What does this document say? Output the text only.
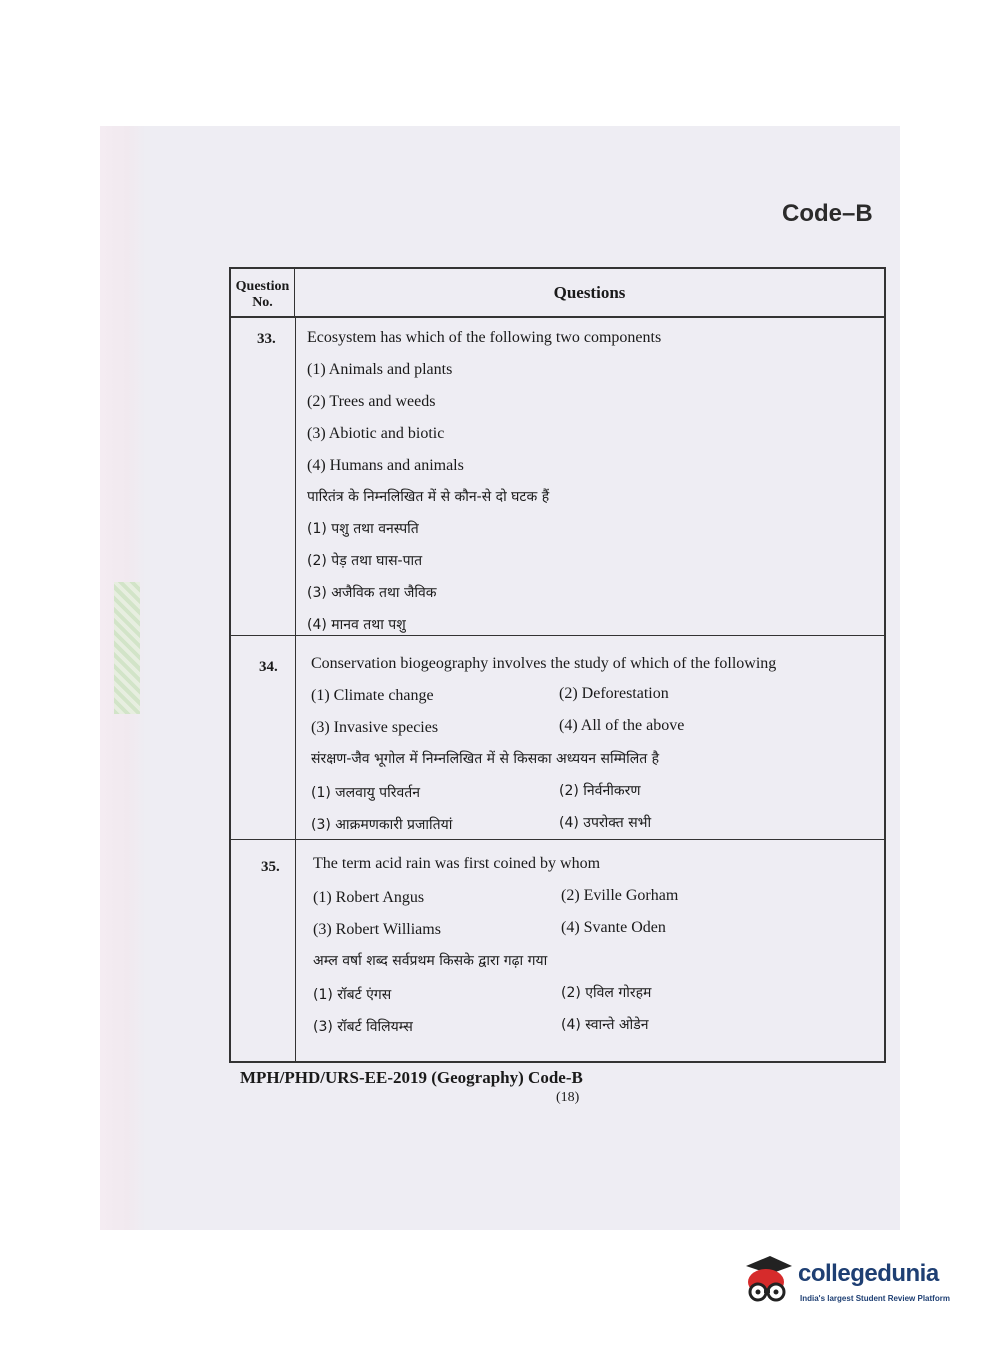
Code–B
Question No.
Questions
33. Ecosystem has which of the following two components
(1) Animals and plants
(2) Trees and weeds
(3) Abiotic and biotic
(4) Humans and animals
पारितंत्र के निम्नलिखित में से कौन-से दो घटक हैं
(1) पशु तथा वनस्पति
(2) पेड़ तथा घास-पात
(3) अजैविक तथा जैविक
(4) मानव तथा पशु
34. Conservation biogeography involves the study of which of the following
(1) Climate change	(2) Deforestation
(3) Invasive species	(4) All of the above
संरक्षण-जैव भूगोल में निम्नलिखित में से किसका अध्ययन सम्मिलित है
(1) जलवायु परिवर्तन	(2) निर्वनीकरण
(3) आक्रमणकारी प्रजातियां	(4) उपरोक्त सभी
35. The term acid rain was first coined by whom
(1) Robert Angus	(2) Eville Gorham
(3) Robert Williams	(4) Svante Oden
अम्ल वर्षा शब्द सर्वप्रथम किसके द्वारा गढ़ा गया
(1) रॉबर्ट एंगस	(2) एविल गोरहम
(3) रॉबर्ट विलियम्स	(4) स्वान्ते ओडेन
MPH/PHD/URS-EE-2019 (Geography) Code-B
(18)
collegedunia
India's largest Student Review Platform
